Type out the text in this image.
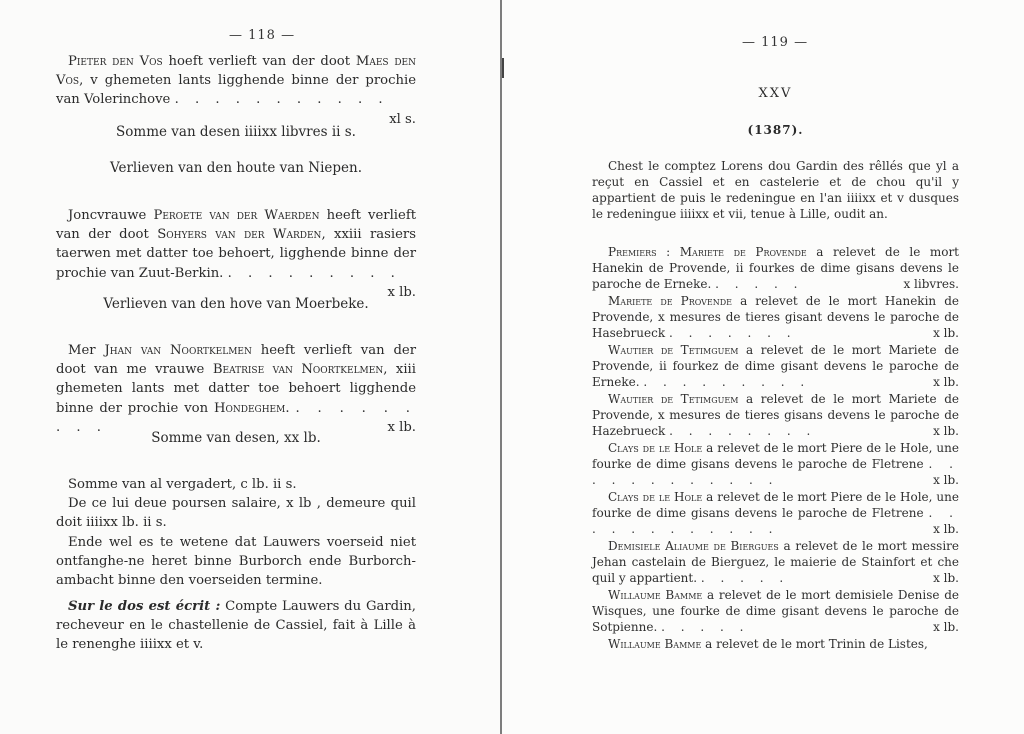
— 118 —

Pieter den Vos hoeft verlieft van der doot Maes den Vos, v ghemeten lants ligghende binne der prochie van Volerinchove . . . . . . . . . . .
xl s.

Somme van desen iiiixx libvres ii s.
Verlieven van den houte van Niepen.

Joncvrauwe Peroete van der Waerden heeft verlieft van der doot Sohyers van der Warden, xxiii rasiers taerwen met datter toe behoert, ligghende binne der prochie van Zuut-Berkin. . . . . . . . . .
x lb.

Verlieven van den hove van Moerbeke.

Mer Jhan van Noortkelmen heeft verlieft van der doot van me vrauwe Beatrise van Noortkelmen, xiii ghemeten lants met datter toe behoert ligghende binne der prochie von Hondeghem. . . . . . . . . .	x lb.

Somme van desen, xx lb.

Somme van al vergadert, c lb. ii s.

De ce lui deue poursen salaire, x lb , demeure quil doit iiiixx lb. ii s.

Ende wel es te wetene dat Lauwers voerseid niet ontfanghe-ne heret binne Burborch ende Burborch-ambacht binne den voerseiden termine.

Sur le dos est écrit : Compte Lauwers du Gardin, recheveur en le chastellenie de Cassiel, fait à Lille à le renenghe iiiixx et v.

— 119 —
XXV
(1387).

Chest le comptez Lorens dou Gardin des rêllés que yl a reçut en Cassiel et en castelerie et de chou qu'il y appartient de puis le redeningue en l'an iiiixx et v dusques le redeningue iiiixx et vii, tenue à Lille, oudit an.

Premiers : Mariete de Provende a relevet de le mort Hanekin de Provende, ii fourkes de dime gisans devens le paroche de Erneke. . . . . .	x libvres.

Mariete de Provende a relevet de le mort Hanekin de Provende, x mesures de tieres gisant devens le paroche de Hasebrueck . . . . . . .	x lb.

Wautier de Tetimguem a relevet de le mort Mariete de Provende, ii fourkez de dime gisant devens le paroche de Erneke. . . . . . . . . .	x lb.

Wautier de Tetimguem a relevet de le mort Mariete de Provende, x mesures de tieres gisans devens le paroche de Hazebrueck . . . . . . . .	x lb.

Clays de le Hole a relevet de le mort Piere de le Hole, une fourke de dime gisans devens le paroche de Fletrene . . . . . . . . . . . .	x lb.

Clays de le Hole a relevet de le mort Piere de le Hole, une fourke de dime gisans devens le paroche de Fletrene . . . . . . . . . . . .	x lb.

Demisiele Aliaume de Biergues a relevet de le mort messire Jehan castelain de Bierguez, le maierie de Stainfort et che quil y appartient. . . . . .	x lb.

Willaume Bamme a relevet de le mort demisiele Denise de Wisques, une fourke de dime gisant devens le paroche de Sotpienne. . . . . .	x lb.

Willaume Bamme a relevet de le mort Trinin de Listes,
